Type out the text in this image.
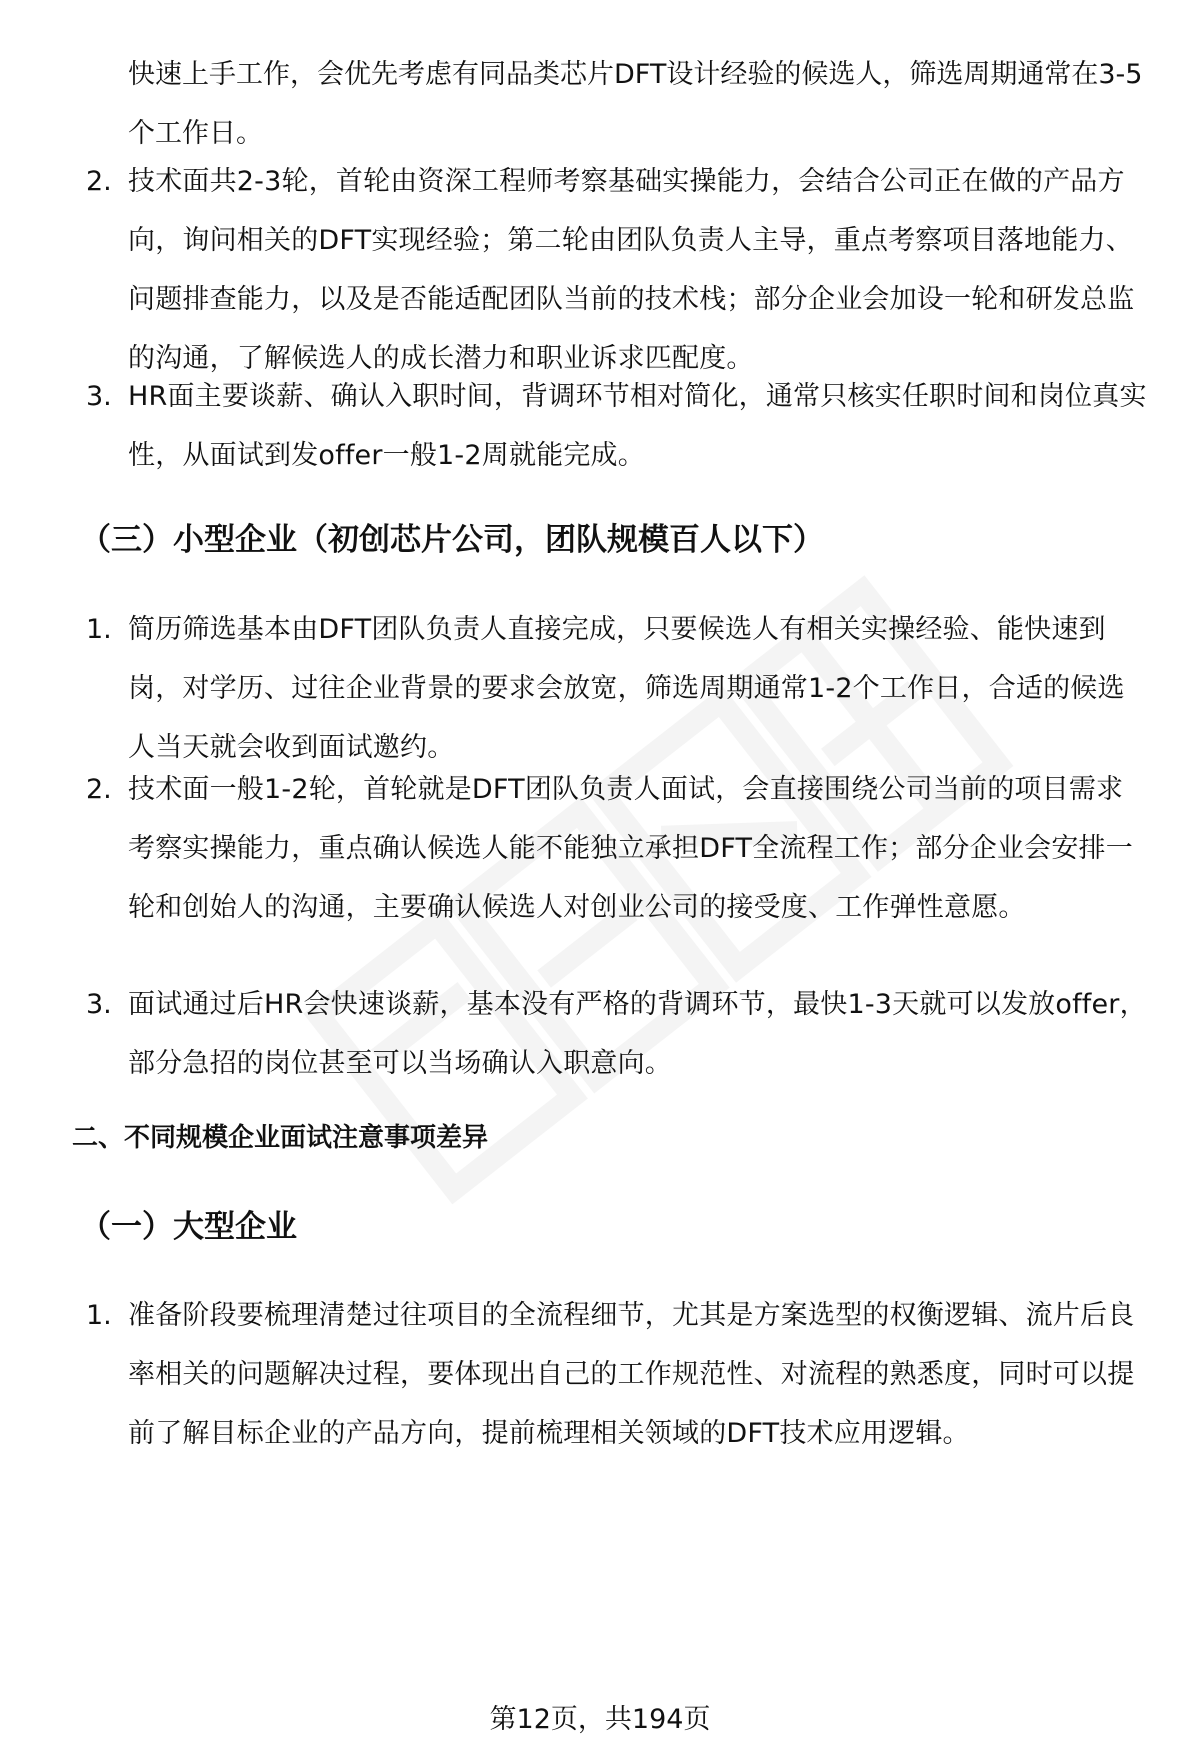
快速上手工作，会优先考虑有同品类芯片DFT设计经验的候选人，筛选周期通常在3-5个工作日。
2. 技术面共2-3轮，首轮由资深工程师考察基础实操能力，会结合公司正在做的产品方向，询问相关的DFT实现经验；第二轮由团队负责人主导，重点考察项目落地能力、问题排查能力，以及是否能适配团队当前的技术栈；部分企业会加设一轮和研发总监的沟通，了解候选人的成长潜力和职业诉求匹配度。
3. HR面主要谈薪、确认入职时间，背调环节相对简化，通常只核实任职时间和岗位真实性，从面试到发offer一般1-2周就能完成。
（三）小型企业（初创芯片公司，团队规模百人以下）
1. 简历筛选基本由DFT团队负责人直接完成，只要候选人有相关实操经验、能快速到岗，对学历、过往企业背景的要求会放宽，筛选周期通常1-2个工作日，合适的候选人当天就会收到面试邀约。
2. 技术面一般1-2轮，首轮就是DFT团队负责人面试，会直接围绕公司当前的项目需求考察实操能力，重点确认候选人能不能独立承担DFT全流程工作；部分企业会安排一轮和创始人的沟通，主要确认候选人对创业公司的接受度、工作弹性意愿。
3. 面试通过后HR会快速谈薪，基本没有严格的背调环节，最快1-3天就可以发放offer，部分急招的岗位甚至可以当场确认入职意向。
二、不同规模企业面试注意事项差异
（一）大型企业
1. 准备阶段要梳理清楚过往项目的全流程细节，尤其是方案选型的权衡逻辑、流片后良率相关的问题解决过程，要体现出自己的工作规范性、对流程的熟悉度，同时可以提前了解目标企业的产品方向，提前梳理相关领域的DFT技术应用逻辑。
第12页，共194页
